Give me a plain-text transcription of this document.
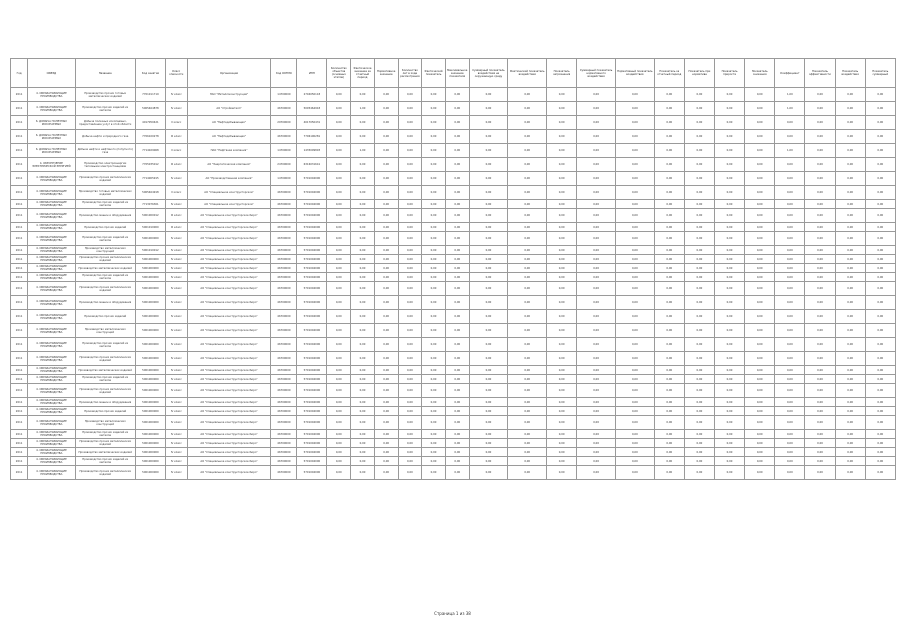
Год	ОКВЭД	Название	Код занятия	Класс опасности	Организация	Код ОКТМО	ИНН	Количество объектов (основных этапов)	Фактическое значение за отчетный период	Нормативное значение	Количество лет в ходе рассмотрения	Фактический показатель	Максимальное значение показателя	Суммарный показатель воздействия на окружающую среду	Фактический показатель воздействия	Показатель загрязнения	Суммарный показатель нормативного воздействия	Нормативный показатель воздействия	Показатель за отчетный период	Показатель при нормативе	Показатель прироста	Показатель снижения	Коэффициент	Показатель эффективности	Показатель воздействия	Показатель суммарный	
2011	4. ОБРАБАТЫВАЮЩИЕ ПРОИЗВОДСТВА	Производство прочих готовых металлических изделий	7701011719	IV класс	ПАО "Металлоконструкция"	14700000	2704050118	0,00	0,00	0,00	0,00	0,00	0,00	0,00	0,00	0,00	0,00	0,00	0,00	0,00	0,00	0,00	1,00	0,00	0,00	0,00	
2011	4. ОБРАБАТЫВАЮЩИЕ ПРОИЗВОДСТВА	Производство прочих изделий из металла	5005464878	IV класс	АО "Стройметалл"	46700000	5005464918	0,00	1,00	0,00	0,00	0,00	0,00	0,00	0,00	0,00	0,00	0,00	0,00	0,00	0,00	0,00	1,00	0,00	0,00	0,00	
2011	6. ДОБЫЧА ПОЛЕЗНЫХ ИСКОПАЕМЫХ	Добыча полезных ископаемых, предоставление услуг в этой области	4017050421	II класс	АО "Нефтедобывающая"	29700000	4017050431	0,00	0,00	0,00	0,00	0,00	0,00	0,00	0,00	0,00	0,00	0,00	0,00	0,00	0,00	0,00	0,00	0,00	0,00	0,00	
2011	6. ДОБЫЧА ПОЛЕЗНЫХ ИСКОПАЕМЫХ	Добыча нефти и природного газа	7706100278	III класс	АО "Нефтедобывающая"	46700000	7706100281	0,00	0,00	0,00	0,00	0,00	0,00	0,00	0,00	0,00	0,00	0,00	0,00	0,00	0,00	0,00	0,00	0,00	0,00	0,00	
2011	6. ДОБЫЧА ПОЛЕЗНЫХ ИСКОПАЕМЫХ	Добыча нефти и нефтяного (попутного) газа	7714029068	II класс	ПАО "Нефтяная компания"	14700000	1435009893	0,00	1,00	0,00	0,00	0,00	0,00	0,00	0,00	0,00	0,00	0,00	0,00	0,00	0,00	0,00	1,00	0,00	0,00	0,00	
2011	4. ОБЕСПЕЧЕНИЕ ЭЛЕКТРИЧЕСКОЙ ЭНЕРГИЕЙ	Производство электроэнергии тепловыми электростанциями	7705035012	III класс	АО "Энергетическая компания"	24700000	6316031641	0,00	0,00	0,00	0,00	0,00	0,00	0,00	0,00	0,00	0,00	0,00	0,00	0,00	0,00	0,00	0,00	0,00	0,00	0,00	
2011	4. ОБРАБАТЫВАЮЩИЕ ПРОИЗВОДСТВА	Производство прочих металлических изделий	7714005915	IV класс	АО "Производственная компания"	14700000	5701004000	0,00	0,00	0,00	0,00	0,00	0,00	0,00	0,00	0,00	0,00	0,00	0,00	0,00	0,00	0,00	0,00	0,00	0,00	0,00	
2011	4. ОБРАБАТЫВАЮЩИЕ ПРОИЗВОДСТВА	Производство готовых металлических изделий	5005464918	II класс	АО "Специальное конструкторское"	46700000	5701004000	0,00	0,00	0,00	0,00	0,00	0,00	0,00	0,00	0,00	0,00	0,00	0,00	0,00	0,00	0,00	0,00	0,00	0,00	0,00	
2011	4. ОБРАБАТЫВАЮЩИЕ ПРОИЗВОДСТВА	Производство прочих изделий из металла	7713076301	IV класс	АО "Специальное конструкторское"	46700000	5701004000	0,00	0,00	0,00	0,00	0,00	0,00	0,00	0,00	0,00	0,00	0,00	0,00	0,00	0,00	0,00	0,00	0,00	0,00	0,00	
2011	4. ОБРАБАТЫВАЮЩИЕ ПРОИЗВОДСТВА	Производство машин и оборудования	5001000012	III класс	АО "Специальное конструкторское бюро"	46700000	5701004000	0,00	0,00	0,00	0,00	0,00	0,00	0,00	0,00	0,00	0,00	0,00	0,00	0,00	0,00	0,00	0,00	0,00	0,00	0,00	
2011	4. ОБРАБАТЫВАЮЩИЕ ПРОИЗВОДСТВА	Производство прочих изделий	5001010000	III класс	АО "Специальное конструкторское бюро"	46700000	5701004000	0,00	0,00	0,00	0,00	0,00	0,00	0,00	0,00	0,00	0,00	0,00	0,00	0,00	0,00	0,00	0,00	0,00	0,00	0,00	
2011	4. ОБРАБАТЫВАЮЩИЕ ПРОИЗВОДСТВА	Производство прочих изделий из металла	5001000000	IV класс	АО "Специальное конструкторское бюро"	46700000	5701004000	0,00	0,00	0,00	0,00	0,00	0,00	0,00	0,00	0,00	0,00	0,00	0,00	0,00	0,00	0,00	0,00	0,00	0,00	0,00	
2011	4. ОБРАБАТЫВАЮЩИЕ ПРОИЗВОДСТВА	Производство металлических конструкций	5001010012	IV класс	АО "Специальное конструкторское бюро"	46700000	5701004000	0,00	0,00	0,00	0,00	0,00	0,00	0,00	0,00	0,00	0,00	0,00	0,00	0,00	0,00	0,00	0,00	0,00	0,00	0,00	
2011	4. ОБРАБАТЫВАЮЩИЕ ПРОИЗВОДСТВА	Производство прочих металлических изделий	5001000000	IV класс	АО "Специальное конструкторское бюро"	46700000	5701004000	0,00	0,00	0,00	0,00	0,00	0,00	0,00	0,00	0,00	0,00	0,00	0,00	0,00	0,00	0,00	0,00	0,00	0,00	0,00	
2011	4. ОБРАБАТЫВАЮЩИЕ ПРОИЗВОДСТВА	Производство металлических изделий	5001000000	IV класс	АО "Специальное конструкторское бюро"	46700000	5701004000	0,00	0,00	0,00	0,00	0,00	0,00	0,00	0,00	0,00	0,00	0,00	0,00	0,00	0,00	0,00	0,00	0,00	0,00	0,00	
2011	4. ОБРАБАТЫВАЮЩИЕ ПРОИЗВОДСТВА	Производство прочих изделий из металла	5001000000	IV класс	АО "Специальное конструкторское бюро"	46700000	5701004000	0,00	0,00	0,00	0,00	0,00	0,00	0,00	0,00	0,00	0,00	0,00	0,00	0,00	0,00	0,00	0,00	0,00	0,00	0,00	
2011	4. ОБРАБАТЫВАЮЩИЕ ПРОИЗВОДСТВА	Производство прочих металлических изделий	5001000000	IV класс	АО "Специальное конструкторское бюро"	46700000	5701004000	0,00	0,00	0,00	0,00	0,00	0,00	0,00	0,00	0,00	0,00	0,00	0,00	0,00	0,00	0,00	0,00	0,00	0,00	0,00	
2011	4. ОБРАБАТЫВАЮЩИЕ ПРОИЗВОДСТВА	Производство машин и оборудования	5001000000	IV класс	АО "Специальное конструкторское бюро"	46700000	5701004000	0,00	0,00	0,00	0,00	0,00	0,00	0,00	0,00	0,00	0,00	0,00	0,00	0,00	0,00	0,00	0,00	0,00	0,00	0,00	
2011	4. ОБРАБАТЫВАЮЩИЕ ПРОИЗВОДСТВА	Производство прочих изделий	5001000000	IV класс	АО "Специальное конструкторское бюро"	46700000	5701004000	0,00	0,00	0,00	0,00	0,00	0,00	0,00	0,00	0,00	0,00	0,00	0,00	0,00	0,00	0,00	0,00	0,00	0,00	0,00	
2011	4. ОБРАБАТЫВАЮЩИЕ ПРОИЗВОДСТВА	Производство металлических конструкций	5001000000	IV класс	АО "Специальное конструкторское бюро"	46700000	5701004000	0,00	0,00	0,00	0,00	0,00	0,00	0,00	0,00	0,00	0,00	0,00	0,00	0,00	0,00	0,00	0,00	0,00	0,00	0,00	
2011	4. ОБРАБАТЫВАЮЩИЕ ПРОИЗВОДСТВА	Производство прочих изделий из металла	5001000000	IV класс	АО "Специальное конструкторское бюро"	46700000	5701004000	0,00	0,00	0,00	0,00	0,00	0,00	0,00	0,00	0,00	0,00	0,00	0,00	0,00	0,00	0,00	0,00	0,00	0,00	0,00	
2011	4. ОБРАБАТЫВАЮЩИЕ ПРОИЗВОДСТВА	Производство прочих металлических изделий	5001000000	IV класс	АО "Специальное конструкторское бюро"	46700000	5701004000	0,00	0,00	0,00	0,00	0,00	0,00	0,00	0,00	0,00	0,00	0,00	0,00	0,00	0,00	0,00	0,00	0,00	0,00	0,00	
2011	4. ОБРАБАТЫВАЮЩИЕ ПРОИЗВОДСТВА	Производство металлических изделий	5001000000	IV класс	АО "Специальное конструкторское бюро"	46700000	5701004000	0,00	0,00	0,00	0,00	0,00	0,00	0,00	0,00	0,00	0,00	0,00	0,00	0,00	0,00	0,00	0,00	0,00	0,00	0,00	
2011	4. ОБРАБАТЫВАЮЩИЕ ПРОИЗВОДСТВА	Производство прочих изделий из металла	5001000000	IV класс	АО "Специальное конструкторское бюро"	46700000	5701004000	0,00	0,00	0,00	0,00	0,00	0,00	0,00	0,00	0,00	0,00	0,00	0,00	0,00	0,00	0,00	0,00	0,00	0,00	0,00	
2011	4. ОБРАБАТЫВАЮЩИЕ ПРОИЗВОДСТВА	Производство прочих металлических изделий	5001000000	IV класс	АО "Специальное конструкторское бюро"	46700000	5701004000	0,00	0,00	0,00	0,00	0,00	0,00	0,00	0,00	0,00	0,00	0,00	0,00	0,00	0,00	0,00	0,00	0,00	0,00	0,00	
2011	4. ОБРАБАТЫВАЮЩИЕ ПРОИЗВОДСТВА	Производство машин и оборудования	5001000000	IV класс	АО "Специальное конструкторское бюро"	46700000	5701004000	0,00	0,00	0,00	0,00	0,00	0,00	0,00	0,00	0,00	0,00	0,00	0,00	0,00	0,00	0,00	0,00	0,00	0,00	0,00	
2011	4. ОБРАБАТЫВАЮЩИЕ ПРОИЗВОДСТВА	Производство прочих изделий	5001000000	IV класс	АО "Специальное конструкторское бюро"	46700000	5701004000	0,00	0,00	0,00	0,00	0,00	0,00	0,00	0,00	0,00	0,00	0,00	0,00	0,00	0,00	0,00	0,00	0,00	0,00	0,00	
2011	4. ОБРАБАТЫВАЮЩИЕ ПРОИЗВОДСТВА	Производство металлических конструкций	5001000000	IV класс	АО "Специальное конструкторское бюро"	46700000	5701004000	0,00	0,00	0,00	0,00	0,00	0,00	0,00	0,00	0,00	0,00	0,00	0,00	0,00	0,00	0,00	0,00	0,00	0,00	0,00	
2011	4. ОБРАБАТЫВАЮЩИЕ ПРОИЗВОДСТВА	Производство прочих изделий из металла	5001000000	IV класс	АО "Специальное конструкторское бюро"	46700000	5701004000	0,00	0,00	0,00	0,00	0,00	0,00	0,00	0,00	0,00	0,00	0,00	0,00	0,00	0,00	0,00	0,00	0,00	0,00	0,00	
2011	4. ОБРАБАТЫВАЮЩИЕ ПРОИЗВОДСТВА	Производство прочих металлических изделий	5001000000	IV класс	АО "Специальное конструкторское бюро"	46700000	5701004000	0,00	0,00	0,00	0,00	0,00	0,00	0,00	0,00	0,00	0,00	0,00	0,00	0,00	0,00	0,00	0,00	0,00	0,00	0,00	
2011	4. ОБРАБАТЫВАЮЩИЕ ПРОИЗВОДСТВА	Производство металлических изделий	5001000000	IV класс	АО "Специальное конструкторское бюро"	46700000	5701004000	0,00	0,00	0,00	0,00	0,00	0,00	0,00	0,00	0,00	0,00	0,00	0,00	0,00	0,00	0,00	0,00	0,00	0,00	0,00	
2011	4. ОБРАБАТЫВАЮЩИЕ ПРОИЗВОДСТВА	Производство прочих изделий из металла	5001000000	IV класс	АО "Специальное конструкторское бюро"	46700000	5701004000	0,00	0,00	0,00	0,00	0,00	0,00	0,00	0,00	0,00	0,00	0,00	0,00	0,00	0,00	0,00	0,00	0,00	0,00	0,00	
2011	4. ОБРАБАТЫВАЮЩИЕ ПРОИЗВОДСТВА	Производство прочих металлических изделий	5001000000	IV класс	АО "Специальное конструкторское бюро"	46700000	5701004000	0,00	0,00	0,00	0,00	0,00	0,00	0,00	0,00	0,00	0,00	0,00	0,00	0,00	0,00	0,00	0,00	0,00	0,00	0,00	
Страница 1 из 38
